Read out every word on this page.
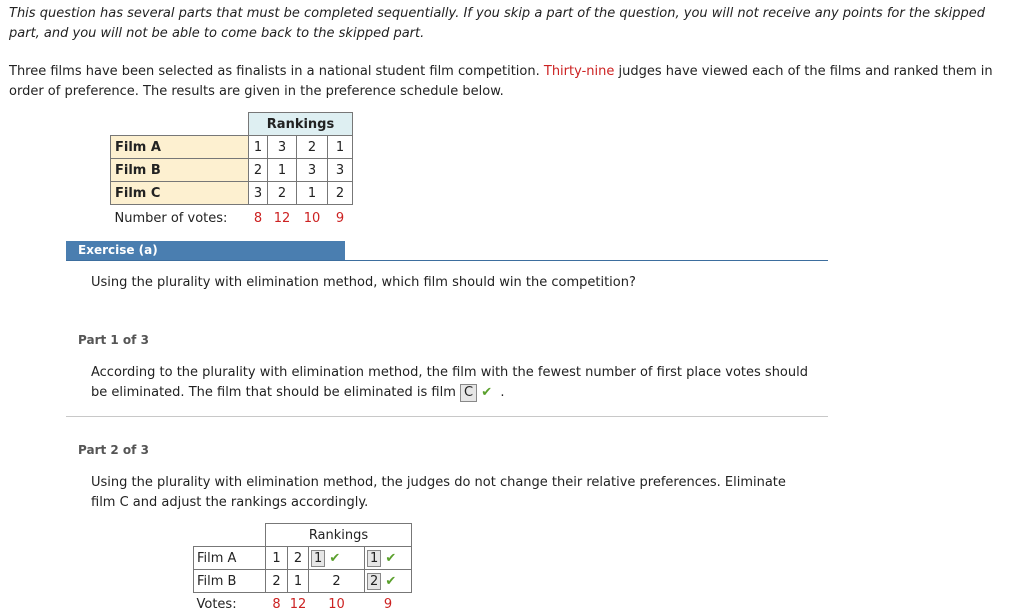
This question has several parts that must be completed sequentially. If you skip a part of the question, you will not receive any points for the skipped part, and you will not be able to come back to the skipped part.
Three films have been selected as finalists in a national student film competition. Thirty-nine judges have viewed each of the films and ranked them in order of preference. The results are given in the preference schedule below.
	Rankings			
Film A	1	3	2	1
Film B	2	1	3	3
Film C	3	2	1	2
Number of votes:	8	12	10	9
Exercise (a)
Using the plurality with elimination method, which film should win the competition?
Part 1 of 3
According to the plurality with elimination method, the film with the fewest number of first place votes should be eliminated. The film that should be eliminated is film C ✔ .
Part 2 of 3
Using the plurality with elimination method, the judges do not change their relative preferences. Eliminate film C and adjust the rankings accordingly.
	Rankings			
Film A	1	2	1 ✔	1 ✔
Film B	2	1	2	2 ✔
Votes:	8	12	10	9
